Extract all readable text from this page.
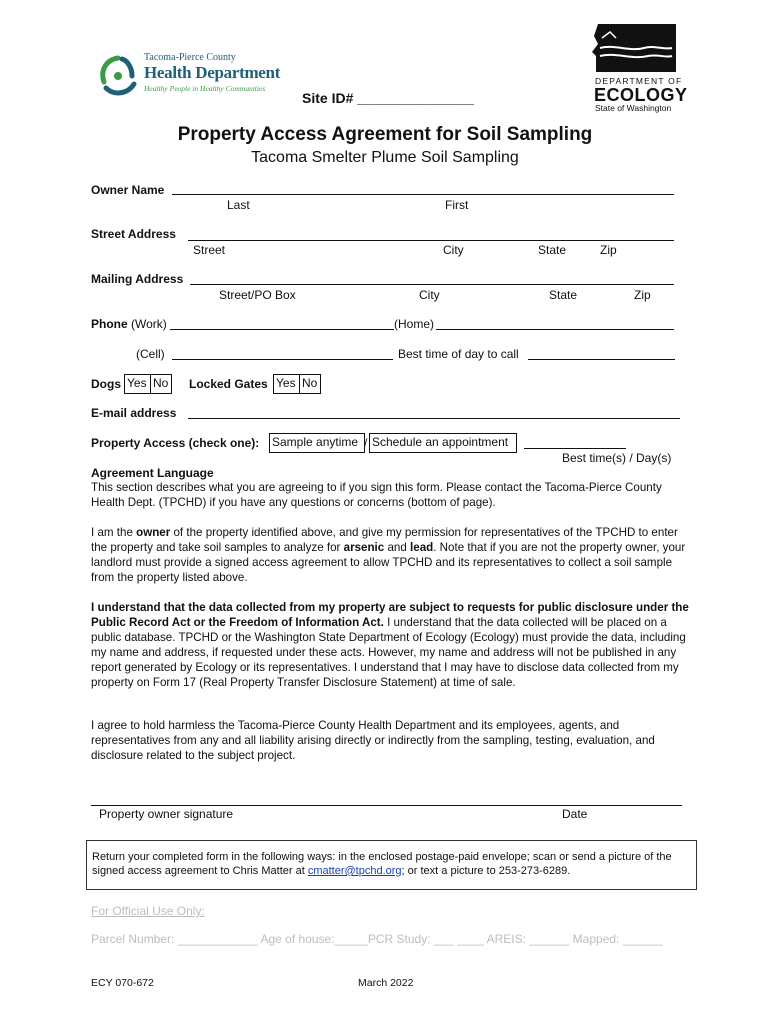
Tacoma-Pierce County
Health Department
Healthy People in Healthy Communities
DEPARTMENT OF
ECOLOGY
State of Washington
Site ID# _______________
Property Access Agreement for Soil Sampling
Tacoma Smelter Plume Soil Sampling
Owner Name
Last	First
Street Address
Street	City	State	Zip
Mailing Address
Street/PO Box	City	State	Zip
Phone (Work)	(Home)
(Cell)	Best time of day to call
Dogs Yes No	Locked Gates Yes No
E-mail address
Property Access (check one): Sample anytime / Schedule an appointment
Best time(s) / Day(s)
Agreement Language
This section describes what you are agreeing to if you sign this form. Please contact the Tacoma-Pierce County Health Dept. (TPCHD) if you have any questions or concerns (bottom of page).
I am the owner of the property identified above, and give my permission for representatives of the TPCHD to enter the property and take soil samples to analyze for arsenic and lead. Note that if you are not the property owner, your landlord must provide a signed access agreement to allow TPCHD and its representatives to collect a soil sample from the property listed above.
I understand that the data collected from my property are subject to requests for public disclosure under the Public Record Act or the Freedom of Information Act. I understand that the data collected will be placed on a public database. TPCHD or the Washington State Department of Ecology (Ecology) must provide the data, including my name and address, if requested under these acts. However, my name and address will not be published in any report generated by Ecology or its representatives. I understand that I may have to disclose data collected from my property on Form 17 (Real Property Transfer Disclosure Statement) at time of sale.
I agree to hold harmless the Tacoma-Pierce County Health Department and its employees, agents, and representatives from any and all liability arising directly or indirectly from the sampling, testing, evaluation, and disclosure related to the subject project.
Property owner signature	Date
Return your completed form in the following ways: in the enclosed postage-paid envelope; scan or send a picture of the signed access agreement to Chris Matter at cmatter@tpchd.org; or text a picture to 253-273-6289.
For Official Use Only:
Parcel Number: ____________ Age of house:_____PCR Study: ___ ____ AREIS: ______ Mapped: ______
ECY 070-672	March 2022
